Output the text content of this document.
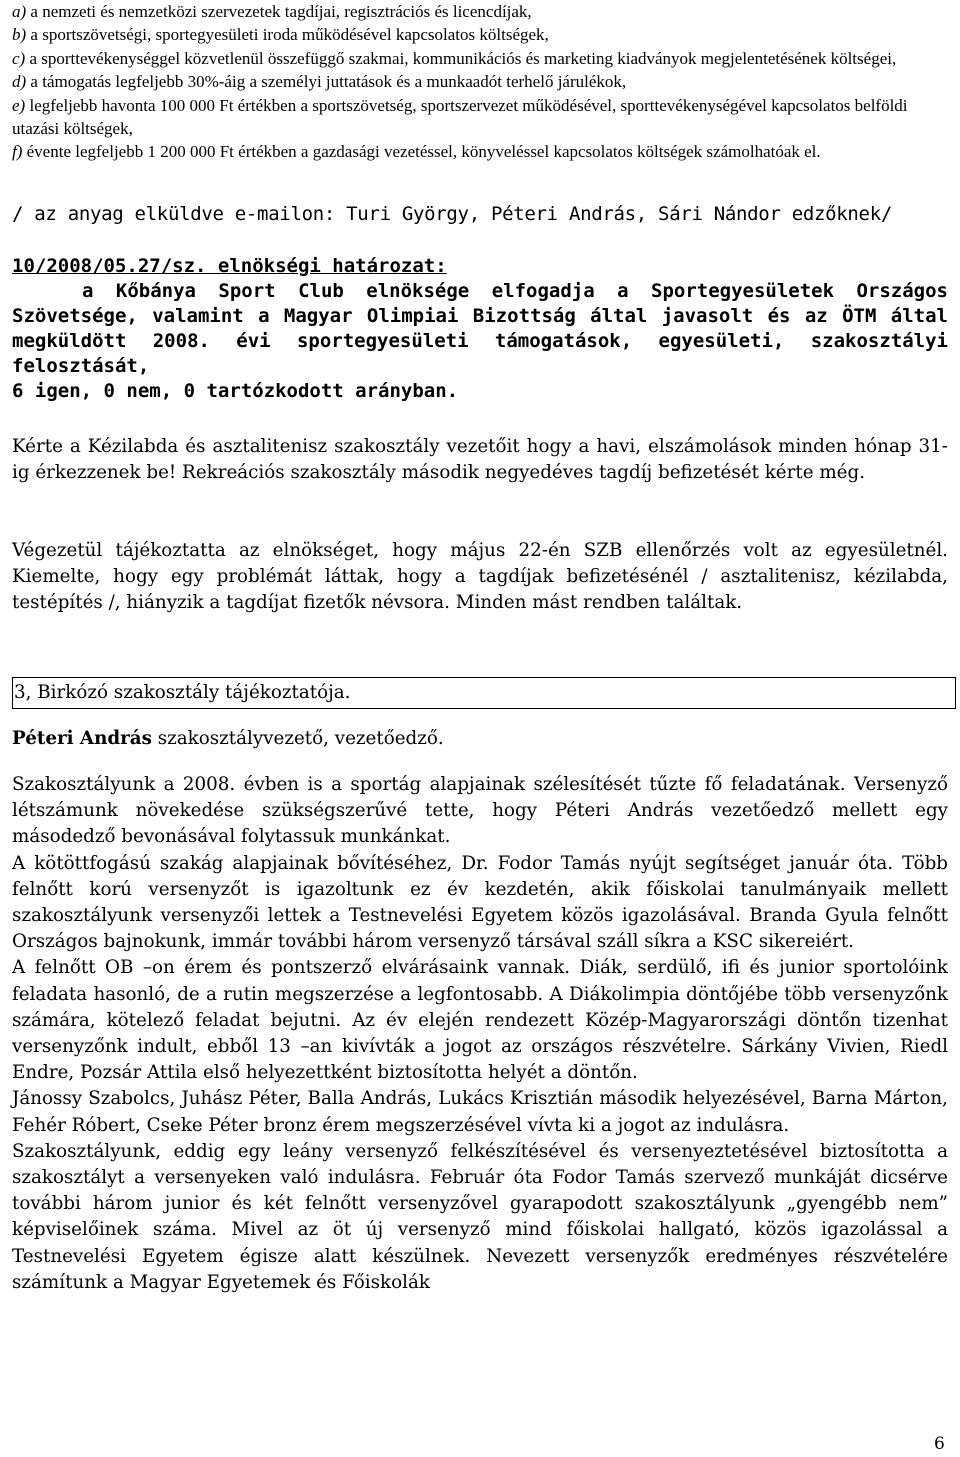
a) a nemzeti és nemzetközi szervezetek tagdíjai, regisztrációs és licencdíjak,

b) a sportszövetségi, sportegyesületi iroda működésével kapcsolatos költségek,

c) a sporttevékenységgel közvetlenül összefüggő szakmai, kommunikációs és marketing kiadványok megjelentetésének költségei,

d) a támogatás legfeljebb 30%-áig a személyi juttatások és a munkaadót terhelő járulékok,

e) legfeljebb havonta 100 000 Ft értékben a sportszövetség, sportszervezet működésével, sporttevékenységével kapcsolatos belföldi utazási költségek,

f) évente legfeljebb 1 200 000 Ft értékben a gazdasági vezetéssel, könyveléssel kapcsolatos költségek számolhatóak el.

/ az anyag elküldve e-mailon: Turi György, Péteri András, Sári Nándor edzőknek/

10/2008/05.27/sz. elnökségi határozat:

a Kőbánya Sport Club elnöksége elfogadja a Sportegyesületek Országos Szövetsége, valamint a Magyar Olimpiai Bizottság által javasolt és az ÖTM által megküldött 2008. évi sportegyesületi támogatások, egyesületi, szakosztályi felosztását,

6 igen, 0 nem, 0 tartózkodott arányban.

Kérte a Kézilabda és asztalitenisz szakosztály vezetőit hogy a havi, elszámolások minden hónap 31-ig érkezzenek be! Rekreációs szakosztály második negyedéves tagdíj befizetését kérte még.

Végezetül tájékoztatta az elnökséget, hogy május 22-én SZB ellenőrzés volt az egyesületnél. Kiemelte, hogy egy problémát láttak, hogy a tagdíjak befizetésénél / asztalitenisz, kézilabda, testépítés /, hiányzik a tagdíjat fizetők névsora. Minden mást rendben találtak.

3, Birkózó szakosztály tájékoztatója.
Péteri András szakosztályvezető, vezetőedző.

Szakosztályunk a 2008. évben is a sportág alapjainak szélesítését tűzte fő feladatának. Versenyző létszámunk növekedése szükségszerűvé tette, hogy Péteri András vezetőedző mellett egy másodedző bevonásával folytassuk munkánkat.

A kötöttfogású szakág alapjainak bővítéséhez, Dr. Fodor Tamás nyújt segítséget január óta. Több felnőtt korú versenyzőt is igazoltunk ez év kezdetén, akik főiskolai tanulmányaik mellett szakosztályunk versenyzői lettek a Testnevelési Egyetem közös igazolásával. Branda Gyula felnőtt Országos bajnokunk, immár további három versenyző társával száll síkra a KSC sikereiért.

A felnőtt OB –on érem és pontszerző elvárásaink vannak. Diák, serdülő, ifi és junior sportolóink feladata hasonló, de a rutin megszerzése a legfontosabb. A Diákolimpia döntőjébe több versenyzőnk számára, kötelező feladat bejutni. Az év elején rendezett Közép-Magyarországi döntőn tizenhat versenyzőnk indult, ebből 13 –an kivívták a jogot az országos részvételre. Sárkány Vivien, Riedl Endre, Pozsár Attila első helyezettként biztosította helyét a döntőn.

Jánossy Szabolcs, Juhász Péter, Balla András, Lukács Krisztián második helyezésével, Barna Márton, Fehér Róbert, Cseke Péter bronz érem megszerzésével vívta ki a jogot az indulásra.

Szakosztályunk, eddig egy leány versenyző felkészítésével és versenyeztetésével biztosította a szakosztályt a versenyeken való indulásra. Február óta Fodor Tamás szervező munkáját dicsérve további három junior és két felnőtt versenyzővel gyarapodott szakosztályunk „gyengébb nem” képviselőinek száma. Mivel az öt új versenyző mind főiskolai hallgató, közös igazolással a Testnevelési Egyetem égisze alatt készülnek. Nevezett versenyzők eredményes részvételére számítunk a Magyar Egyetemek és Főiskolák

6
